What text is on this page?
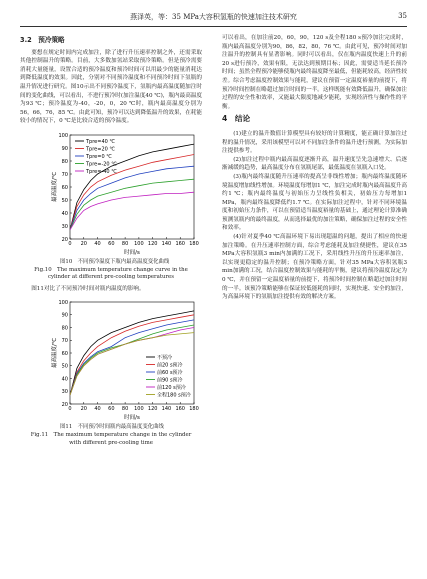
燕泽英，等：35 MPa大容积氢瓶的快速加注技术研究	35

3.2　预冷策略

要想在规定时间内完成加注，除了进行升压速率控制之外，还需采取其他控制温升的策略。目前，大多数加氢站采取预冷策略。但是预冷需要消耗大量能量，设置合适的预冷温度和预冷时间可以用最少的能量消耗达到降低温度的效果。因此，分别对不同预冷温度和不同预冷时间下氢瓶的温升情况进行研究。图10示出不同预冷温度下，氢瓶内最高温度随加注时间的变化曲线，可以看出，不进行预冷时(加注温度40 ℃)，瓶内最高温度为93 ℃；预冷温度为-40，-20，0，20 ℃时，瓶内最高温度分别为56，66，76，85 ℃。由此可知，预冷可以达到降低温升的效果，在耗能较小的情况下，0 ℃是比较合适的预冷温度。

0 20 40 60 80 100 120 140 160 180
20
30
40
50
60
70
80
90
100
时间/s
最高温度/℃
Tpre=40 ℃
Tpre=20 ℃
Tpre=0 ℃
Tpre=-20 ℃
Tpre=-40 ℃

图10　不同预冷温度下瓶内最高温度变化曲线

Fig.10　The maximum temperature change curve in the

cylinder at different pre-cooling temperatures

图11对比了不同预冷时间对瓶内温度的影响。

0 20 40 60 80 100 120 140 160 180
20
30
40
50
60
70
80
90
100
时间/s
最高温度/℃	不预冷
前20 s预冷
前60 s预冷
前90 s预冷
前120 s预冷
全程180 s预冷

图11　不同预冷时间瓶内最高温度变化曲线

Fig.11　The maximum temperature change in the cylinder

with different pre-cooling time

可以看出，在加注前20，60，90，120 s及全程180 s预冷加注完成时，瓶内最高温度分别为90，86，82，80，76 ℃。由此可见，预冷时间对加注温升的控制具有显著影响。同时可以看出，仅在瓶内温度快速上升的前20 s进行预冷，效果有限，无法达到预期目标；因此，需要适当延长预冷时间；虽然全程预冷能够使瓶内最终温度降至最低，但能耗较高，经济性较差。综合考虑温度控制效果与能耗，建议在预留一定温度裕量的前提下，将预冷时间控制在略超过加注时间的一半。这样既能有效降低温升，确保加注过程的安全性和效率，又能最大限度地减少能耗，实现经济性与操作性的平衡。

4　结论

(1)建立的温升数值计算模型具有较好的计算精度，能正确计算加注过程的温升情况，采用该模型可以对不同加注条件的温升进行预测，为实际加注提供参考。

(2)加注过程中瓶内最高温度逐渐升高，温升速度呈先急速增大、后逐渐减缓的趋势，最高温度分布在氢瓶尾部，最低温度在氢瓶入口处。

(3)瓶内最终温度随升压速率的提高呈非线性增加；瓶内最终温度随环境温度增加线性增加。环境温度每增加1 ℃，加注完成时瓶内最高温度升高约1 ℃；瓶内最终温度与初始压力呈线性负相关，初始压力每增加1 MPa，瓶内最终温度降低约1.7 ℃。在实际加注过程中，针对不同环境温度和初始压力条件，可以在预留适当温度裕量的基础上，通过理论计算准确预测氢瓶内的最终温度，从而选择最优的加注策略，确保加注过程的安全性和效率。

(4)针对夏季40 ℃高温环境下易出现超温的问题，提出了相应的快速加注策略。在升压速率控制方面，综合考虑能耗及加注便捷性，建议在35 MPa大容积氢瓶3 min内加满的工况下，采用线性升压的升压速率加注，以实现更稳定的温升控制；在预冷策略方面，针对35 MPa大容积氢瓶3 min加满的工况，结合温度控制效果与能耗的平衡，建议将预冷温度设定为0 ℃，并在预留一定温度裕量的前提下，将预冷时间控制在略超过加注时间的一半。该预冷策略能够在保证较低能耗的同时，实现快速、安全的加注，为高温环境下的氢瓶加注提供有效的解决方案。
